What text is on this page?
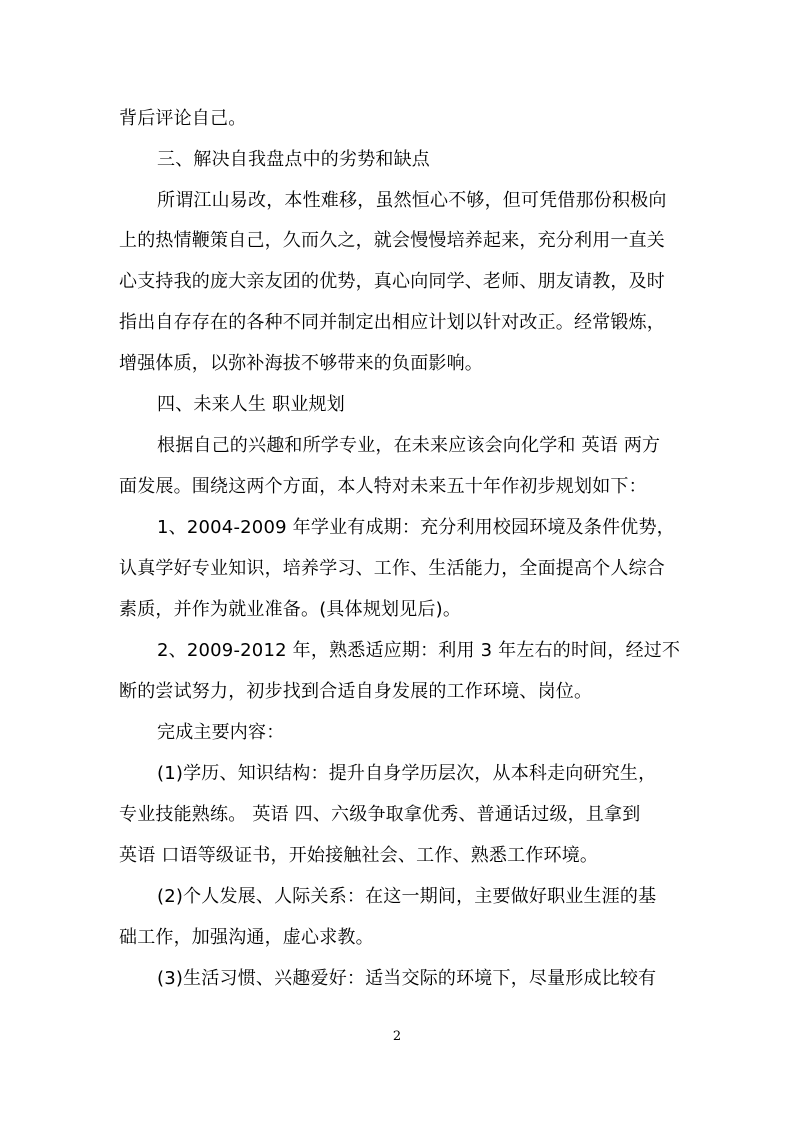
背后评论自己。
三、解决自我盘点中的劣势和缺点
所谓江山易改，本性难移，虽然恒心不够，但可凭借那份积极向
上的热情鞭策自己，久而久之，就会慢慢培养起来，充分利用一直关
心支持我的庞大亲友团的优势，真心向同学、老师、朋友请教，及时
指出自存存在的各种不同并制定出相应计划以针对改正。经常锻炼，
增强体质，以弥补海拔不够带来的负面影响。
四、未来人生 职业规划
根据自己的兴趣和所学专业，在未来应该会向化学和 英语 两方
面发展。围绕这两个方面，本人特对未来五十年作初步规划如下：
1、2004-2009 年学业有成期：充分利用校园环境及条件优势，
认真学好专业知识，培养学习、工作、生活能力，全面提高个人综合
素质，并作为就业准备。(具体规划见后)。
2、2009-2012 年，熟悉适应期：利用 3 年左右的时间，经过不
断的尝试努力，初步找到合适自身发展的工作环境、岗位。
完成主要内容：
(1)学历、知识结构：提升自身学历层次，从本科走向研究生，
专业技能熟练。 英语 四、六级争取拿优秀、普通话过级，且拿到
英语 口语等级证书，开始接触社会、工作、熟悉工作环境。
(2)个人发展、人际关系：在这一期间，主要做好职业生涯的基
础工作，加强沟通，虚心求教。
(3)生活习惯、兴趣爱好：适当交际的环境下，尽量形成比较有
2
